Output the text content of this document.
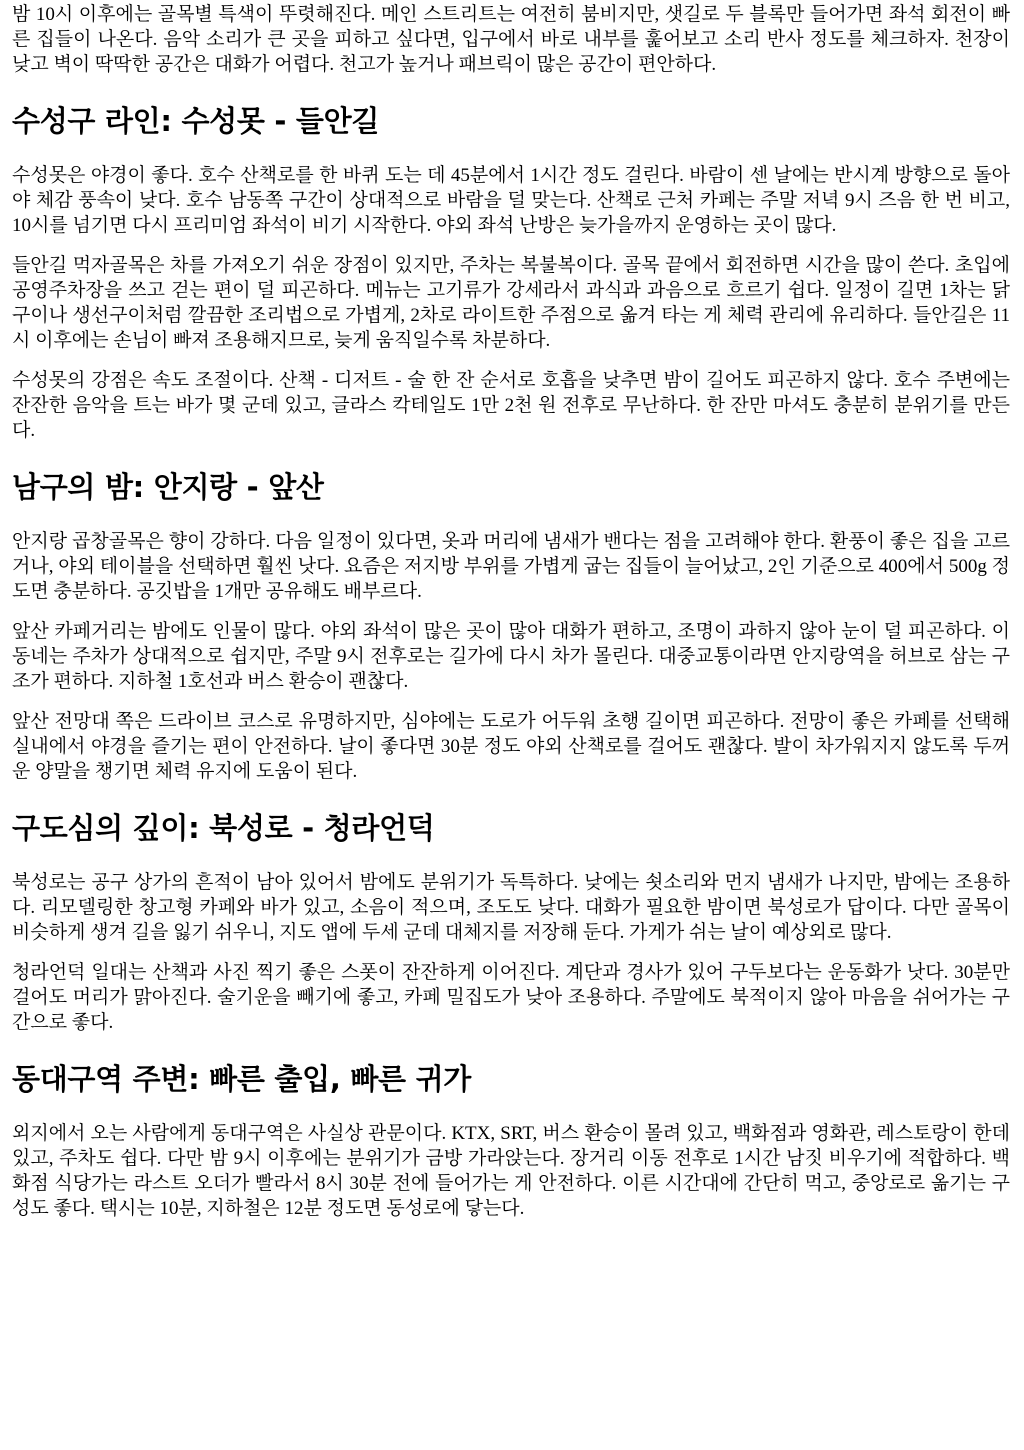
밤 10시 이후에는 골목별 특색이 뚜렷해진다. 메인 스트리트는 여전히 붐비지만, 샛길로 두 블록만 들어가면 좌석 회전이 빠른 집들이 나온다. 음악 소리가 큰 곳을 피하고 싶다면, 입구에서 바로 내부를 훑어보고 소리 반사 정도를 체크하자. 천장이 낮고 벽이 딱딱한 공간은 대화가 어렵다. 천고가 높거나 패브릭이 많은 공간이 편안하다.

수성구 라인: 수성못 - 들안길

수성못은 야경이 좋다. 호수 산책로를 한 바퀴 도는 데 45분에서 1시간 정도 걸린다. 바람이 센 날에는 반시계 방향으로 돌아야 체감 풍속이 낮다. 호수 남동쪽 구간이 상대적으로 바람을 덜 맞는다. 산책로 근처 카페는 주말 저녁 9시 즈음 한 번 비고, 10시를 넘기면 다시 프리미엄 좌석이 비기 시작한다. 야외 좌석 난방은 늦가을까지 운영하는 곳이 많다.

들안길 먹자골목은 차를 가져오기 쉬운 장점이 있지만, 주차는 복불복이다. 골목 끝에서 회전하면 시간을 많이 쓴다. 초입에 공영주차장을 쓰고 걷는 편이 덜 피곤하다. 메뉴는 고기류가 강세라서 과식과 과음으로 흐르기 쉽다. 일정이 길면 1차는 닭 구이나 생선구이처럼 깔끔한 조리법으로 가볍게, 2차로 라이트한 주점으로 옮겨 타는 게 체력 관리에 유리하다. 들안길은 11시 이후에는 손님이 빠져 조용해지므로, 늦게 움직일수록 차분하다.

수성못의 강점은 속도 조절이다. 산책 - 디저트 - 술 한 잔 순서로 호흡을 낮추면 밤이 길어도 피곤하지 않다. 호수 주변에는 잔잔한 음악을 트는 바가 몇 군데 있고, 글라스 칵테일도 1만 2천 원 전후로 무난하다. 한 잔만 마셔도 충분히 분위기를 만든다.

남구의 밤: 안지랑 - 앞산

안지랑 곱창골목은 향이 강하다. 다음 일정이 있다면, 옷과 머리에 냄새가 밴다는 점을 고려해야 한다. 환풍이 좋은 집을 고르거나, 야외 테이블을 선택하면 훨씬 낫다. 요즘은 저지방 부위를 가볍게 굽는 집들이 늘어났고, 2인 기준으로 400에서 500g 정도면 충분하다. 공깃밥을 1개만 공유해도 배부르다.

앞산 카페거리는 밤에도 인물이 많다. 야외 좌석이 많은 곳이 많아 대화가 편하고, 조명이 과하지 않아 눈이 덜 피곤하다. 이 동네는 주차가 상대적으로 쉽지만, 주말 9시 전후로는 길가에 다시 차가 몰린다. 대중교통이라면 안지랑역을 허브로 삼는 구조가 편하다. 지하철 1호선과 버스 환승이 괜찮다.

앞산 전망대 쪽은 드라이브 코스로 유명하지만, 심야에는 도로가 어두워 초행 길이면 피곤하다. 전망이 좋은 카페를 선택해 실내에서 야경을 즐기는 편이 안전하다. 날이 좋다면 30분 정도 야외 산책로를 걸어도 괜찮다. 발이 차가워지지 않도록 두꺼운 양말을 챙기면 체력 유지에 도움이 된다.

구도심의 깊이: 북성로 - 청라언덕

북성로는 공구 상가의 흔적이 남아 있어서 밤에도 분위기가 독특하다. 낮에는 쇳소리와 먼지 냄새가 나지만, 밤에는 조용하다. 리모델링한 창고형 카페와 바가 있고, 소음이 적으며, 조도도 낮다. 대화가 필요한 밤이면 북성로가 답이다. 다만 골목이 비슷하게 생겨 길을 잃기 쉬우니, 지도 앱에 두세 군데 대체지를 저장해 둔다. 가게가 쉬는 날이 예상외로 많다.

청라언덕 일대는 산책과 사진 찍기 좋은 스폿이 잔잔하게 이어진다. 계단과 경사가 있어 구두보다는 운동화가 낫다. 30분만 걸어도 머리가 맑아진다. 술기운을 빼기에 좋고, 카페 밀집도가 낮아 조용하다. 주말에도 북적이지 않아 마음을 쉬어가는 구간으로 좋다.

동대구역 주변: 빠른 출입, 빠른 귀가

외지에서 오는 사람에게 동대구역은 사실상 관문이다. KTX, SRT, 버스 환승이 몰려 있고, 백화점과 영화관, 레스토랑이 한데 있고, 주차도 쉽다. 다만 밤 9시 이후에는 분위기가 금방 가라앉는다. 장거리 이동 전후로 1시간 남짓 비우기에 적합하다. 백화점 식당가는 라스트 오더가 빨라서 8시 30분 전에 들어가는 게 안전하다. 이른 시간대에 간단히 먹고, 중앙로로 옮기는 구성도 좋다. 택시는 10분, 지하철은 12분 정도면 동성로에 닿는다.
